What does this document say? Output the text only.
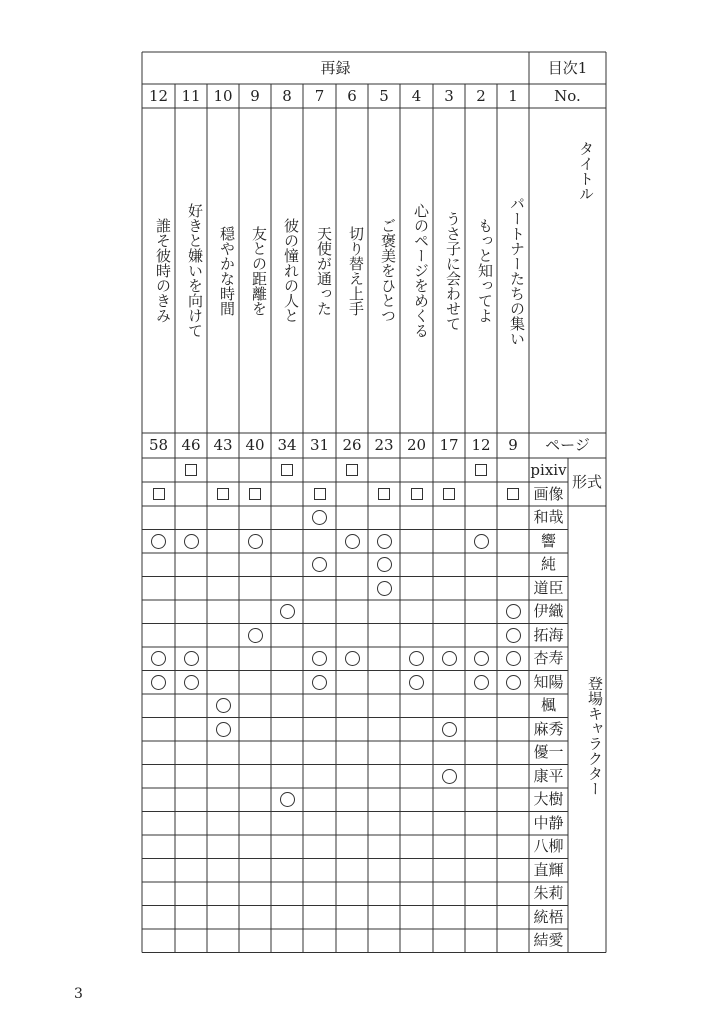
再録	目次1
No.
ページ
タイトル
1
パートナーたちの集い
9
2
もっと知ってよ
12
3
うさ子に会わせて
17
4
心のページをめくる
20
5
ご褒美をひとつ
23
6
切り替え上手
26
7
天使が通った
31
8
彼の憧れの人と
34
9
友との距離を
40
10
穏やかな時間
43
11
好きと嫌いを向けて
46
12
誰そ彼時のきみ
58
pixiv
画像
形式
和哉
響
純
道臣
伊織
拓海
杏寿
知陽
楓
麻秀
優一
康平
大樹
中静
八柳
直輝
朱莉
統梧
結愛
登場キャラクター
3
